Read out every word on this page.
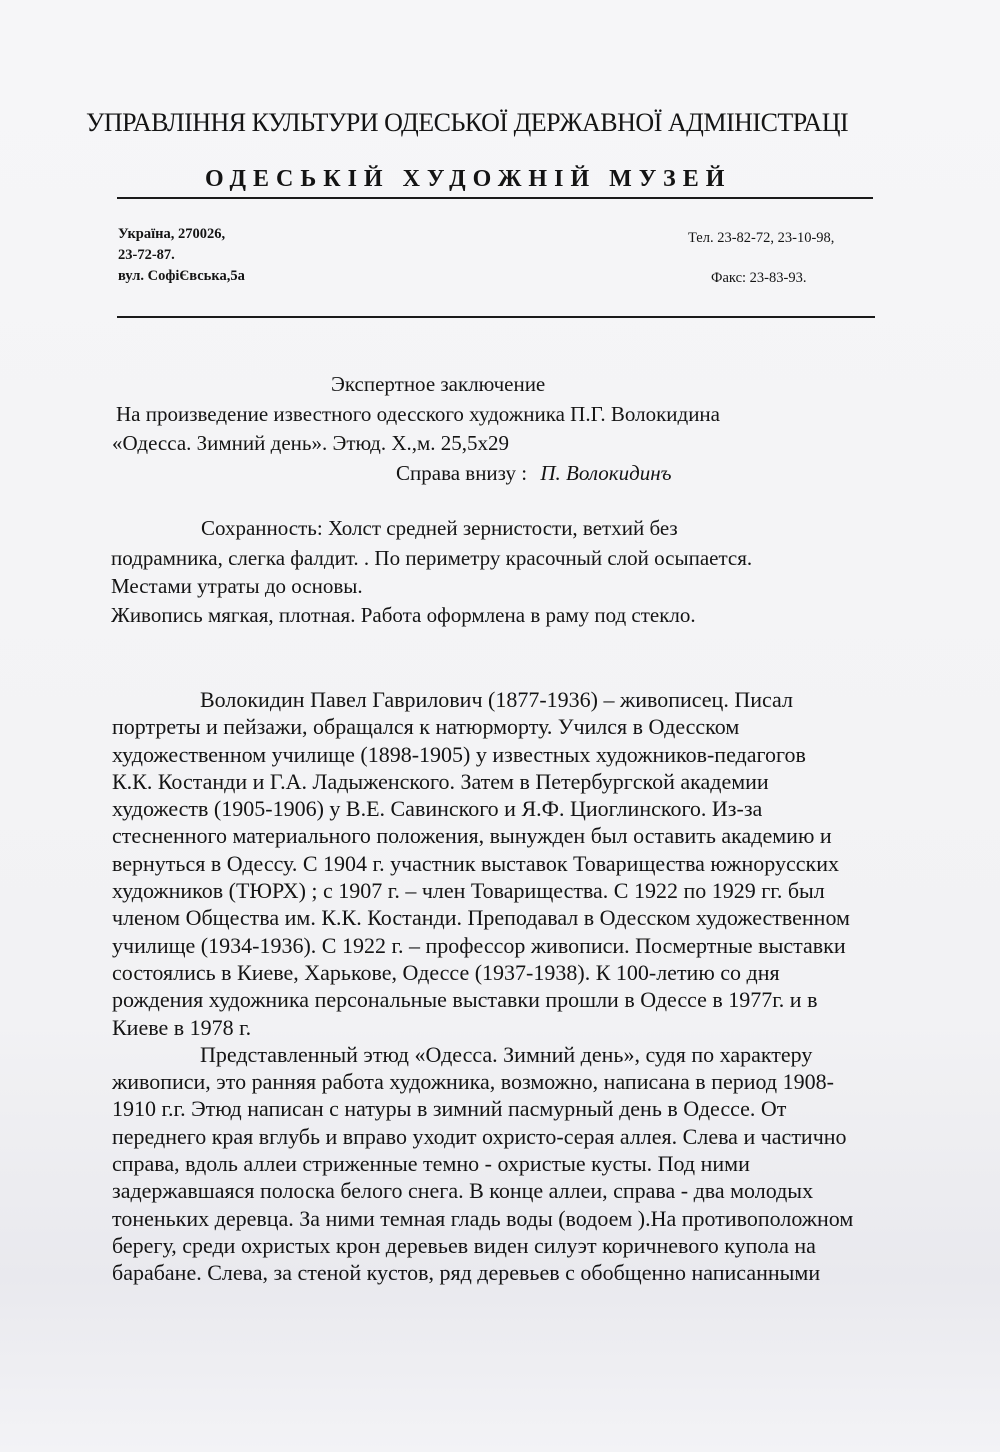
УПРАВЛІННЯ КУЛЬТУРИ ОДЕСЬКОЇ ДЕРЖАВНОЇ АДМІНІСТРАЦІ
ОДЕСЬКІЙ ХУДОЖНІЙ МУЗЕЙ
Україна, 270026,
23-72-87.
вул. СофіЄвська,5а
Тел. 23-82-72, 23-10-98,
Факс: 23-83-93.
Экспертное заключение
На произведение известного одесского художника П.Г. Волокидина
«Одесса. Зимний день». Этюд. Х.,м. 25,5х29
Справа внизу : П. Волокидинъ
Сохранность: Холст средней зернистости, ветхий без
подрамника, слегка фалдит. . По периметру красочный слой осыпается.
Местами утраты до основы.
Живопись мягкая, плотная. Работа оформлена в раму под стекло.
Волокидин Павел Гаврилович (1877-1936) – живописец. Писал
портреты и пейзажи, обращался к натюрморту. Учился в Одесском
художественном училище (1898-1905) у известных художников-педагогов
К.К. Костанди и Г.А. Ладыженского. Затем в Петербургской академии
художеств (1905-1906) у В.Е. Савинского и Я.Ф. Циоглинского. Из-за
стесненного материального положения, вынужден был оставить академию и
вернуться в Одессу. С 1904 г. участник выставок Товарищества южнорусских
художников (ТЮРХ) ; с 1907 г. – член Товарищества. С 1922 по 1929 гг. был
членом Общества им. К.К. Костанди. Преподавал в Одесском художественном
училище (1934-1936). С 1922 г. – профессор живописи. Посмертные выставки
состоялись в Киеве, Харькове, Одессе (1937-1938). К 100-летию со дня
рождения художника персональные выставки прошли в Одессе в 1977г. и в
Киеве в 1978 г.
Представленный этюд «Одесса. Зимний день», судя по характеру
живописи, это ранняя работа художника, возможно, написана в период 1908-
1910 г.г. Этюд написан с натуры в зимний пасмурный день в Одессе. От
переднего края вглубь и вправо уходит охристо-серая аллея. Слева и частично
справа, вдоль аллеи стриженные темно - охристые кусты. Под ними
задержавшаяся полоска белого снега. В конце аллеи, справа - два молодых
тоненьких деревца. За ними темная гладь воды (водоем ).На противоположном
берегу, среди охристых крон деревьев виден силуэт коричневого купола на
барабане. Слева, за стеной кустов, ряд деревьев с обобщенно написанными
